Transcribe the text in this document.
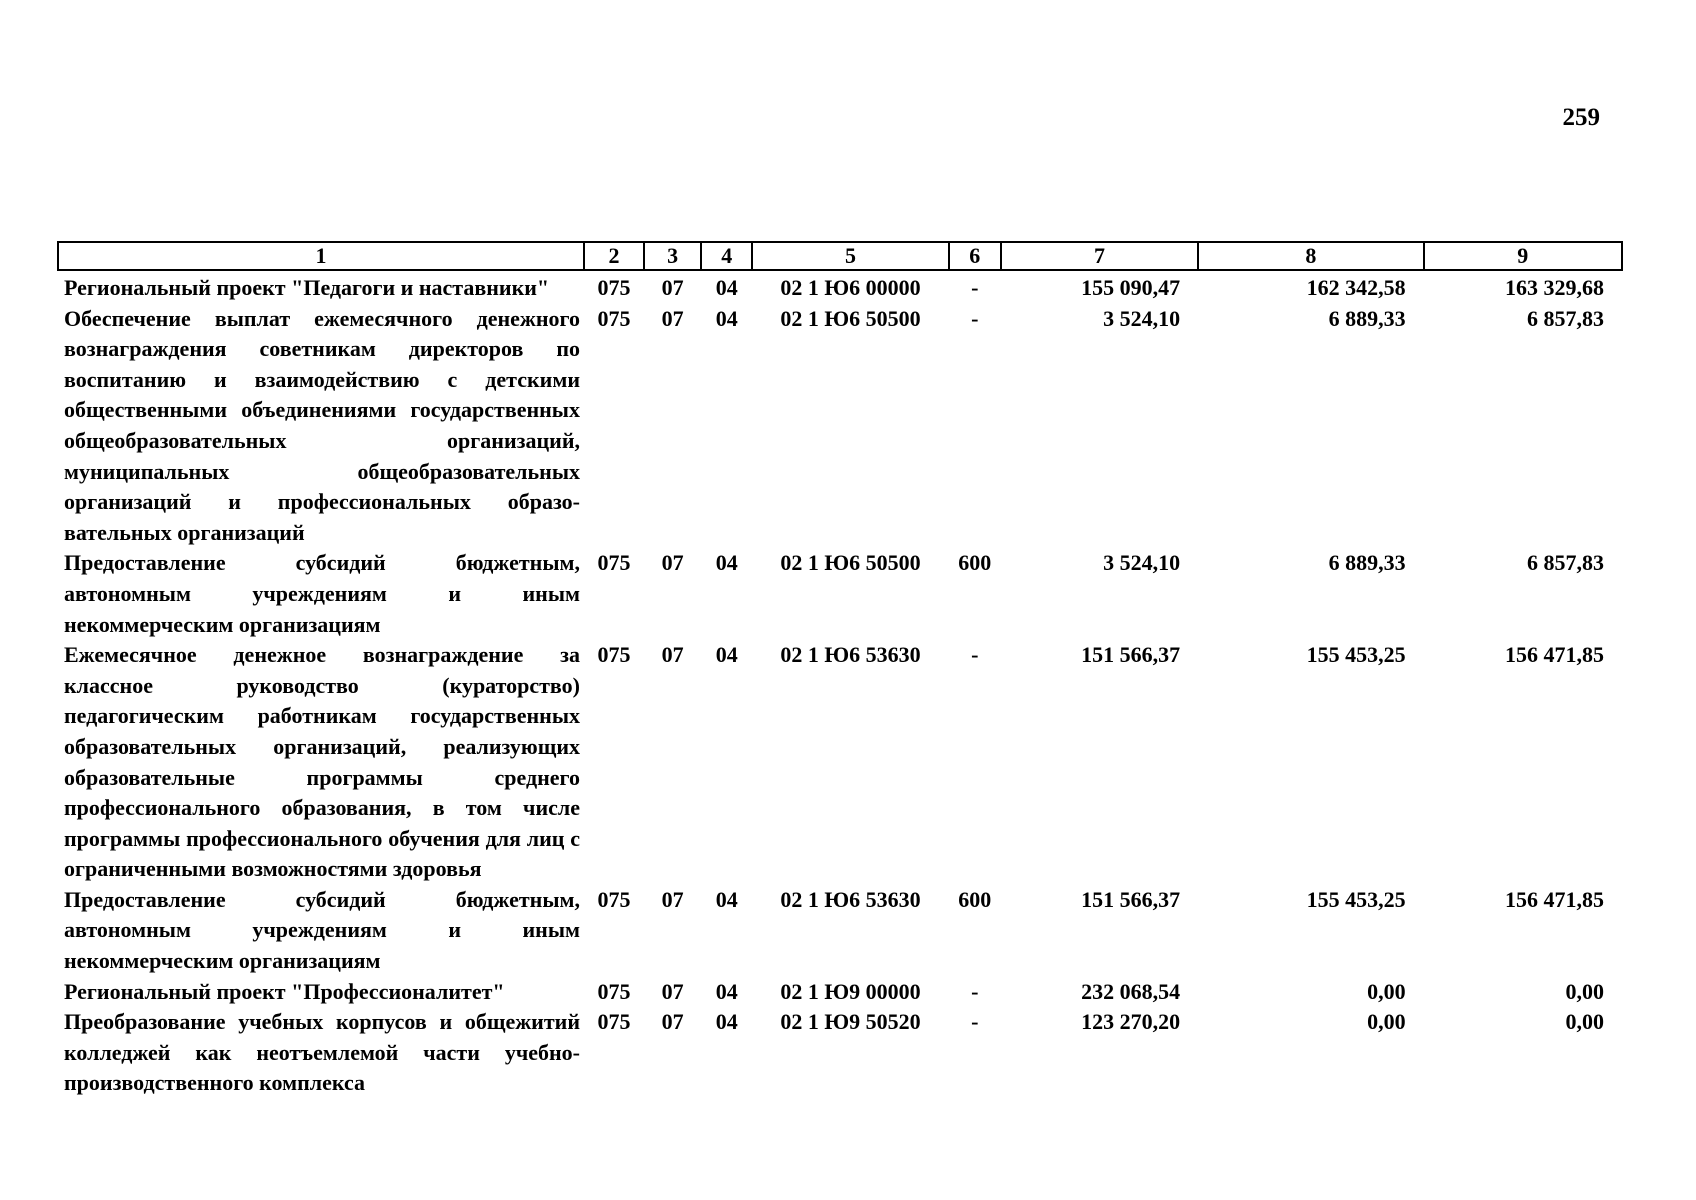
259
1	2	3	4	5	6	7	8	9
Региональный проект "Педагоги и наставники"	075	07	04	02 1 Ю6 00000	-	155 090,47	162 342,58	163 329,68
Обеспечение выплат ежемесячного денежного вознаграждения советникам директоров по воспитанию и взаимодействию с детскими общественными объединениями государственных общеобразовательных организаций, муниципальных общеобразовательных организаций и профессиональных образовательных организаций	075	07	04	02 1 Ю6 50500	-	3 524,10	6 889,33	6 857,83
Предоставление субсидий бюджетным, автономным учреждениям и иным некоммерческим организациям	075	07	04	02 1 Ю6 50500	600	3 524,10	6 889,33	6 857,83
Ежемесячное денежное вознаграждение за классное руководство (кураторство) педагогическим работникам государственных образовательных организаций, реализующих образовательные программы среднего профессионального образования, в том числе программы профессионального обучения для лиц с ограниченными возможностями здоровья	075	07	04	02 1 Ю6 53630	-	151 566,37	155 453,25	156 471,85
Предоставление субсидий бюджетным, автономным учреждениям и иным некоммерческим организациям	075	07	04	02 1 Ю6 53630	600	151 566,37	155 453,25	156 471,85
Региональный проект "Профессионалитет"	075	07	04	02 1 Ю9 00000	-	232 068,54	0,00	0,00
Преобразование учебных корпусов и общежитий колледжей как неотъемлемой части учебно-производственного комплекса	075	07	04	02 1 Ю9 50520	-	123 270,20	0,00	0,00
